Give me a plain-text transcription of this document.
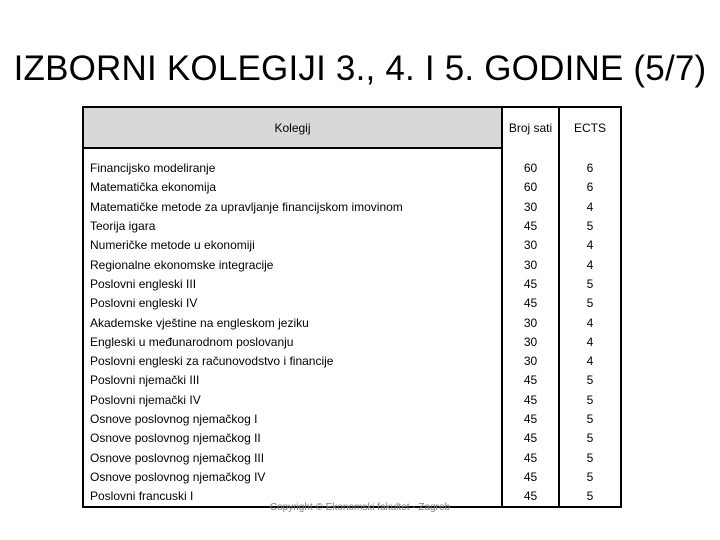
IZBORNI KOLEGIJI 3., 4. I 5. GODINE (5/7)
Kolegij	Broj sati	ECTS
Financijsko modeliranje	60	6
Matematička ekonomija	60	6
Matematičke metode za upravljanje financijskom imovinom	30	4
Teorija igara	45	5
Numeričke metode u ekonomiji	30	4
Regionalne ekonomske integracije	30	4
Poslovni engleski III	45	5
Poslovni engleski IV	45	5
Akademske vještine na engleskom jeziku	30	4
Engleski u međunarodnom poslovanju	30	4
Poslovni engleski za računovodstvo i financije	30	4
Poslovni njemački III	45	5
Poslovni njemački IV	45	5
Osnove poslovnog njemačkog I	45	5
Osnove poslovnog njemačkog II	45	5
Osnove poslovnog njemačkog III	45	5
Osnove poslovnog njemačkog IV	45	5
Poslovni francuski I	45	5
Copyright © Ekonomski fakultet - Zagreb
